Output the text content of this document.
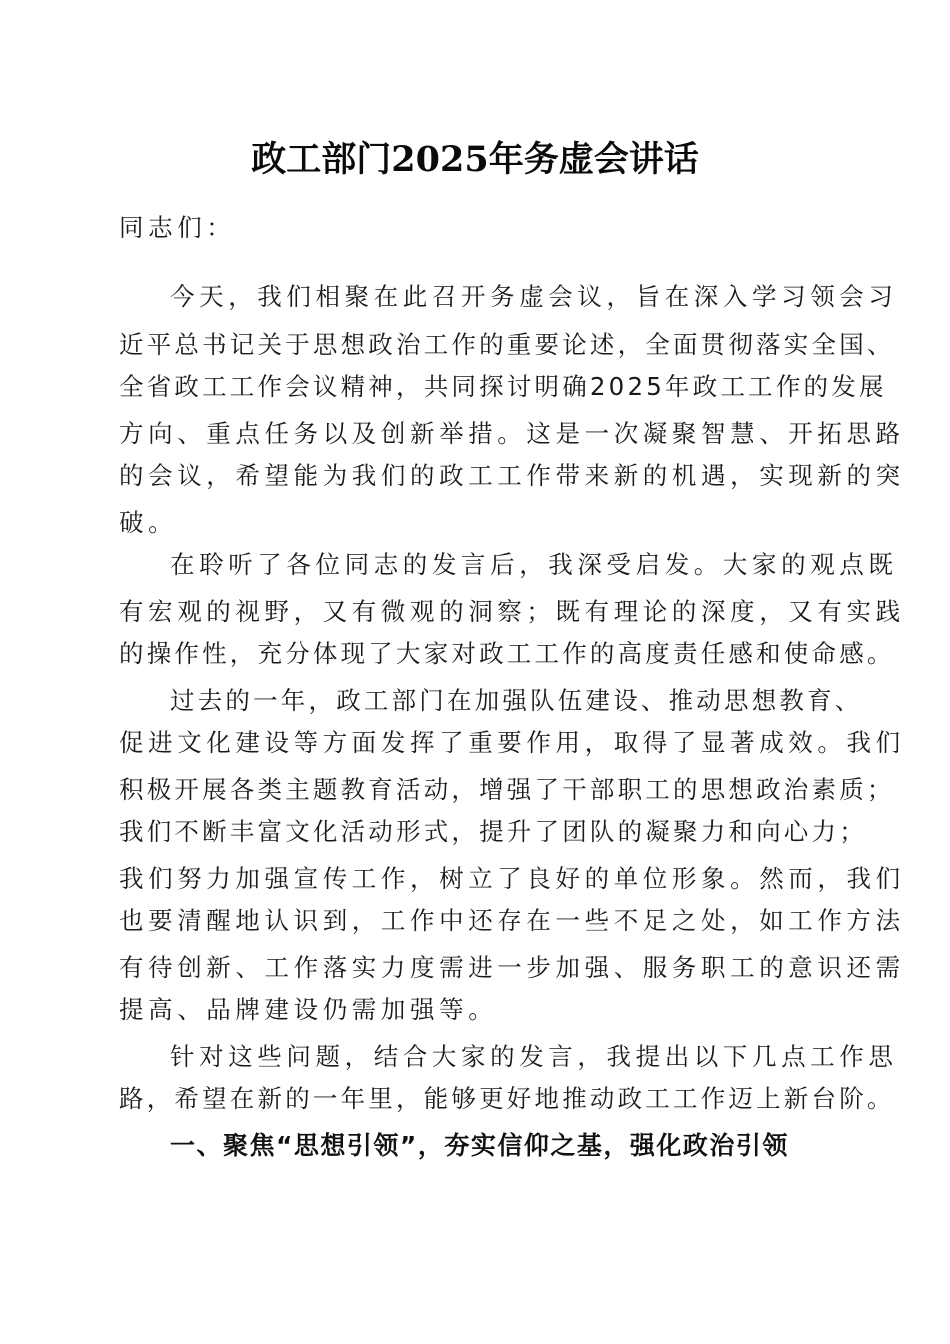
政工部门2025年务虚会讲话
同志们：
今天，我们相聚在此召开务虚会议，旨在深入学习领会习
近平总书记关于思想政治工作的重要论述，全面贯彻落实全国、
全省政工工作会议精神，共同探讨明确2025年政工工作的发展
方向、重点任务以及创新举措。这是一次凝聚智慧、开拓思路
的会议，希望能为我们的政工工作带来新的机遇，实现新的突
破。
在聆听了各位同志的发言后，我深受启发。大家的观点既
有宏观的视野，又有微观的洞察；既有理论的深度，又有实践
的操作性，充分体现了大家对政工工作的高度责任感和使命感。
过去的一年，政工部门在加强队伍建设、推动思想教育、
促进文化建设等方面发挥了重要作用，取得了显著成效。我们
积极开展各类主题教育活动，增强了干部职工的思想政治素质；
我们不断丰富文化活动形式，提升了团队的凝聚力和向心力；
我们努力加强宣传工作，树立了良好的单位形象。然而，我们
也要清醒地认识到，工作中还存在一些不足之处，如工作方法
有待创新、工作落实力度需进一步加强、服务职工的意识还需
提高、品牌建设仍需加强等。
针对这些问题，结合大家的发言，我提出以下几点工作思
路，希望在新的一年里，能够更好地推动政工工作迈上新台阶。
一、聚焦“思想引领”，夯实信仰之基，强化政治引领
